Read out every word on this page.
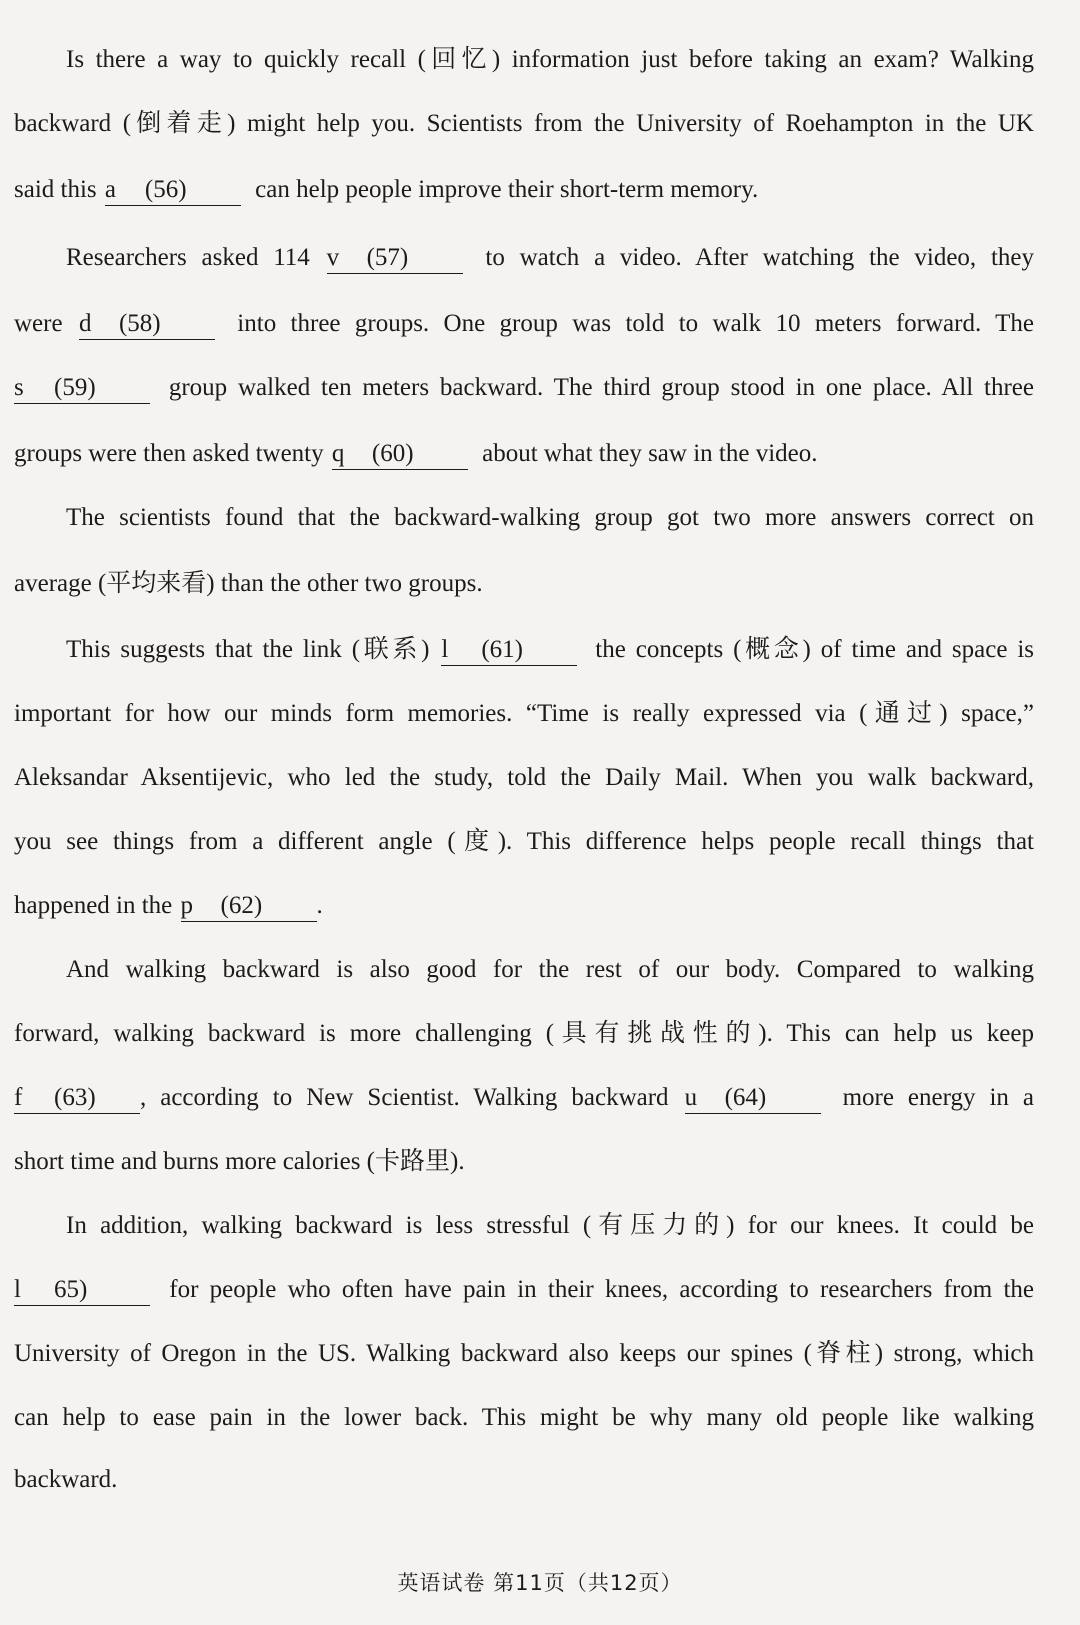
Is there a way to quickly recall (回忆) information just before taking an exam? Walking
backward (倒着走) might help you. Scientists from the University of Roehampton in the UK
said this a (56)	can help people improve their short-term memory.
Researchers asked 114 v (57)	to watch a video. After watching the video, they
were d (58)	into three groups. One group was told to walk 10 meters forward. The
s (59)	group walked ten meters backward. The third group stood in one place. All three
groups were then asked twenty q (60)	about what they saw in the video.
The scientists found that the backward-walking group got two more answers correct on
average (平均来看) than the other two groups.
This suggests that the link (联系) l (61)	the concepts (概念) of time and space is
important for how our minds form memories. “Time is really expressed via (通过) space,”
Aleksandar Aksentijevic, who led the study, told the Daily Mail. When you walk backward,
you see things from a different angle (度). This difference helps people recall things that
happened in the p (62) .
And walking backward is also good for the rest of our body. Compared to walking
forward, walking backward is more challenging (具有挑战性的). This can help us keep
f (63) , according to New Scientist. Walking backward u (64)	more energy in a
short time and burns more calories (卡路里).
In addition, walking backward is less stressful (有压力的) for our knees. It could be
l 65)	for people who often have pain in their knees, according to researchers from the
University of Oregon in the US. Walking backward also keeps our spines (脊柱) strong, which
can help to ease pain in the lower back. This might be why many old people like walking
backward.
英语试卷 第11页（共12页）
